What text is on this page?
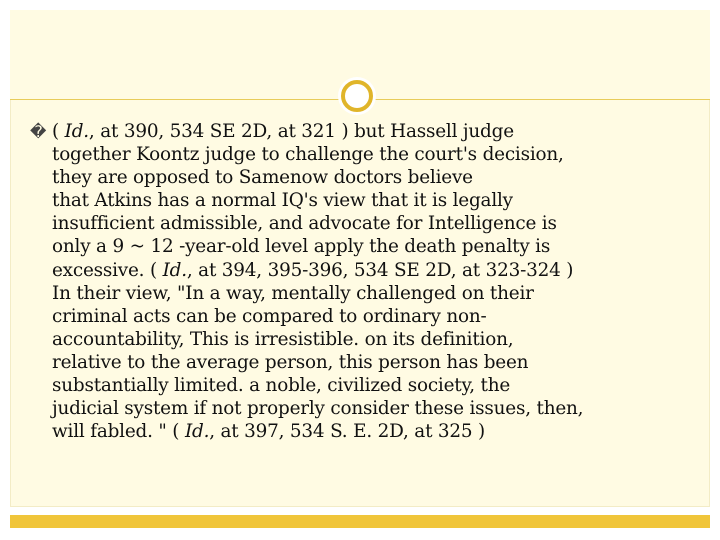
� ( Id., at 390, 534 SE 2D, at 321 ) but Hassell judge
together Koontz judge to challenge the court's decision,
they are opposed to Samenow doctors believe
that Atkins has a normal IQ's view that it is legally
insufficient admissible, and advocate for Intelligence is
only a 9 ~ 12 -year-old level apply the death penalty is
excessive. ( Id., at 394, 395-396, 534 SE 2D, at 323-324 )
In their view, "In a way, mentally challenged on their
criminal acts can be compared to ordinary non-
accountability, This is irresistible. on its definition,
relative to the average person, this person has been
substantially limited. a noble, civilized society, the
judicial system if not properly consider these issues, then,
will fabled. " ( Id., at 397, 534 S. E. 2D, at 325 )
